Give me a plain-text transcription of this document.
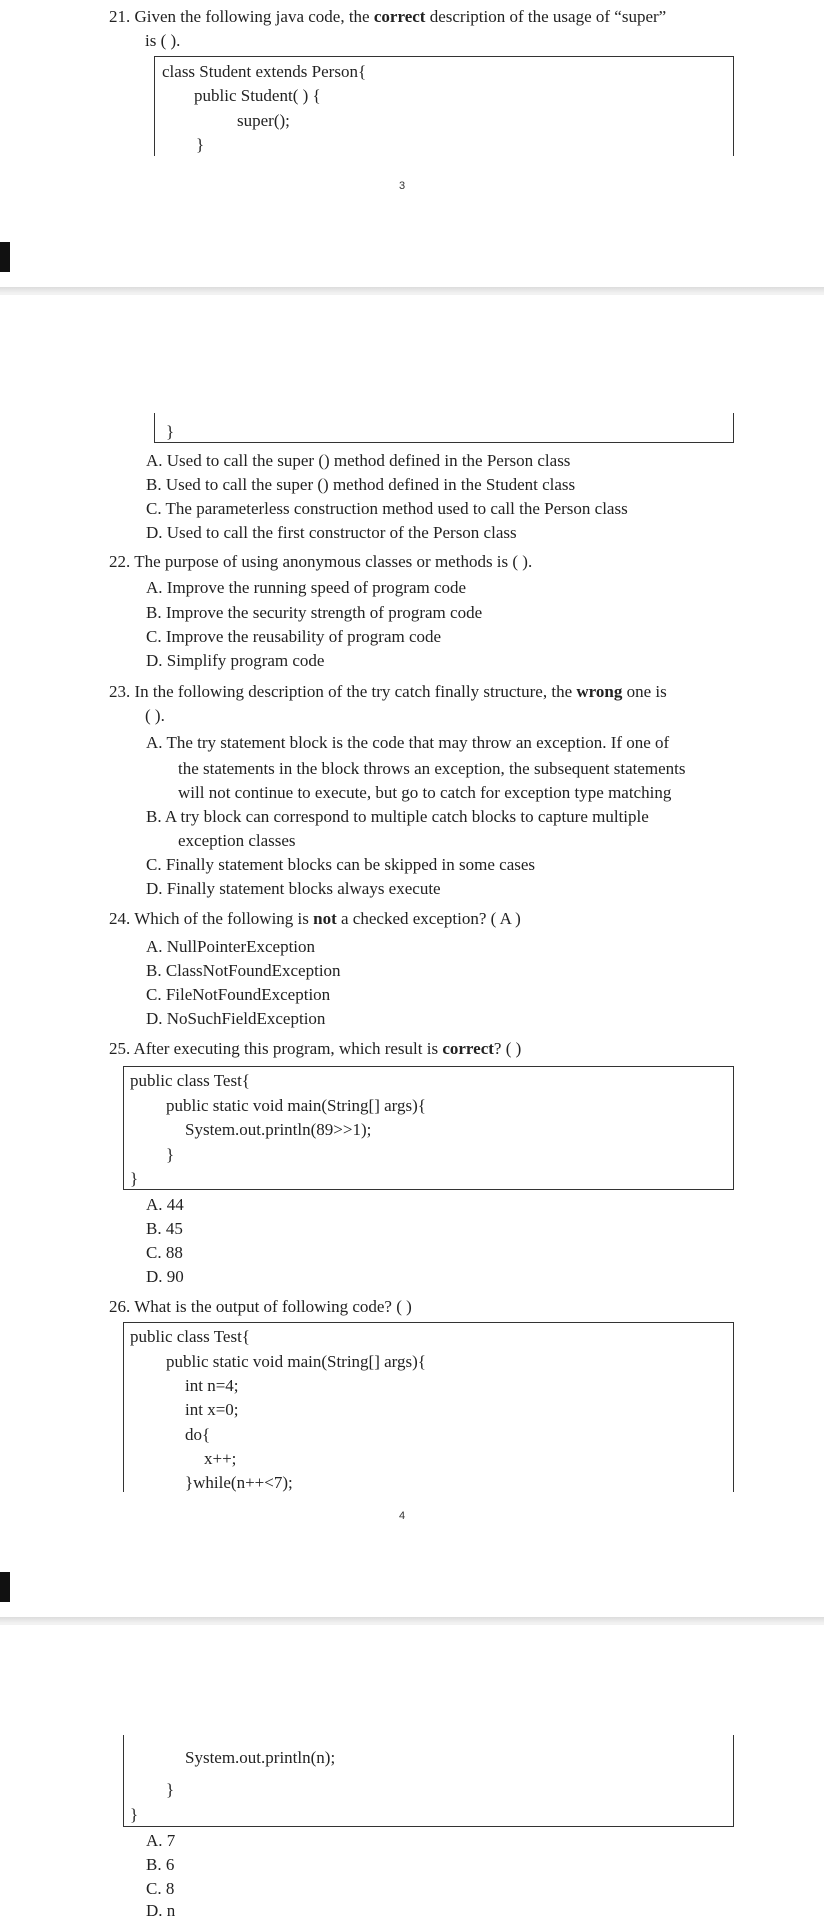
21. Given the following java code, the correct description of the usage of “super”
is ( ).
class Student extends Person{
public Student( ) {
super();
}
3
}
A. Used to call the super () method defined in the Person class
B. Used to call the super () method defined in the Student class
C. The parameterless construction method used to call the Person class
D. Used to call the first constructor of the Person class
22. The purpose of using anonymous classes or methods is ( ).
A. Improve the running speed of program code
B. Improve the security strength of program code
C. Improve the reusability of program code
D. Simplify program code
23. In the following description of the try catch finally structure, the wrong one is
( ).
A. The try statement block is the code that may throw an exception. If one of
the statements in the block throws an exception, the subsequent statements
will not continue to execute, but go to catch for exception type matching
B. A try block can correspond to multiple catch blocks to capture multiple
exception classes
C. Finally statement blocks can be skipped in some cases
D. Finally statement blocks always execute
24. Which of the following is not a checked exception? ( A )
A. NullPointerException
B. ClassNotFoundException
C. FileNotFoundException
D. NoSuchFieldException
25. After executing this program, which result is correct? ( )
public class Test{
public static void main(String[] args){
System.out.println(89>>1);
}
}
A. 44
B. 45
C. 88
D. 90
26. What is the output of following code? ( )
public class Test{
public static void main(String[] args){
int n=4;
int x=0;
do{
x++;
}while(n++<7);
4
System.out.println(n);
}
}
A. 7
B. 6
C. 8
D. n
